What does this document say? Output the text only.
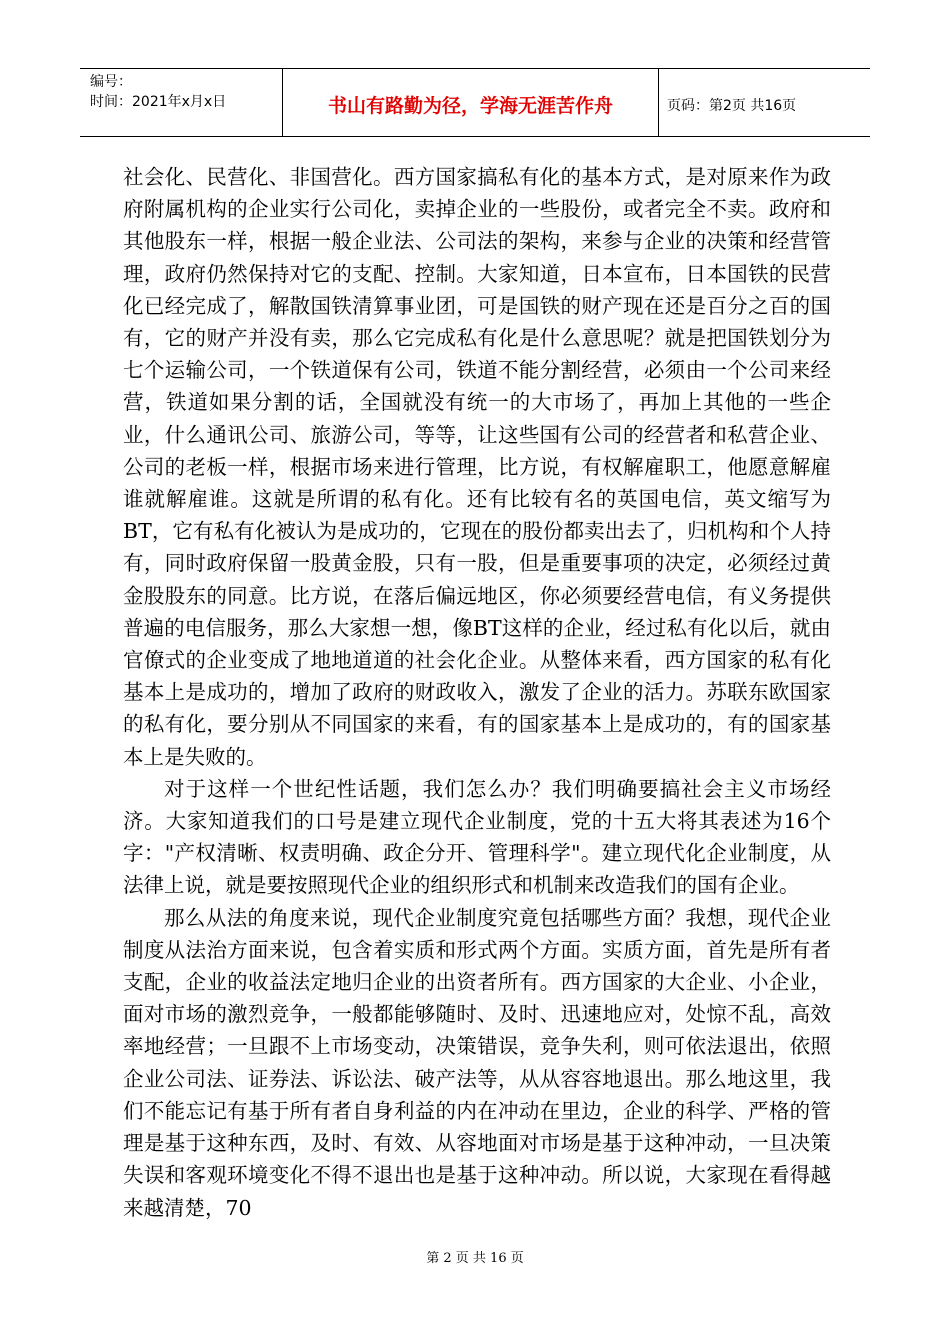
编号：
时间：2021年x月x日	书山有路勤为径，学海无涯苦作舟	页码：第2页 共16页

社会化、民营化、非国营化。西方国家搞私有化的基本方式，是对原来作为政府附属机构的企业实行公司化，卖掉企业的一些股份，或者完全不卖。政府和其他股东一样，根据一般企业法、公司法的架构，来参与企业的决策和经营管理，政府仍然保持对它的支配、控制。大家知道，日本宣布，日本国铁的民营化已经完成了，解散国铁清算事业团，可是国铁的财产现在还是百分之百的国有，它的财产并没有卖，那么它完成私有化是什么意思呢？就是把国铁划分为七个运输公司，一个铁道保有公司，铁道不能分割经营，必须由一个公司来经营，铁道如果分割的话，全国就没有统一的大市场了，再加上其他的一些企业，什么通讯公司、旅游公司，等等，让这些国有公司的经营者和私营企业、公司的老板一样，根据市场来进行管理，比方说，有权解雇职工，他愿意解雇谁就解雇谁。这就是所谓的私有化。还有比较有名的英国电信，英文缩写为BT，它有私有化被认为是成功的，它现在的股份都卖出去了，归机构和个人持有，同时政府保留一股黄金股，只有一股，但是重要事项的决定，必须经过黄金股股东的同意。比方说，在落后偏远地区，你必须要经营电信，有义务提供普遍的电信服务，那么大家想一想，像BT这样的企业，经过私有化以后，就由官僚式的企业变成了地地道道的社会化企业。从整体来看，西方国家的私有化基本上是成功的，增加了政府的财政收入，激发了企业的活力。苏联东欧国家的私有化，要分别从不同国家的来看，有的国家基本上是成功的，有的国家基本上是失败的。

对于这样一个世纪性话题，我们怎么办？我们明确要搞社会主义市场经济。大家知道我们的口号是建立现代企业制度，党的十五大将其表述为16个字："产权清晰、权责明确、政企分开、管理科学"。建立现代化企业制度，从法律上说，就是要按照现代企业的组织形式和机制来改造我们的国有企业。

那么从法的角度来说，现代企业制度究竟包括哪些方面？我想，现代企业制度从法治方面来说，包含着实质和形式两个方面。实质方面，首先是所有者支配，企业的收益法定地归企业的出资者所有。西方国家的大企业、小企业，面对市场的激烈竞争，一般都能够随时、及时、迅速地应对，处惊不乱，高效率地经营；一旦跟不上市场变动，决策错误，竞争失利，则可依法退出，依照企业公司法、证券法、诉讼法、破产法等，从从容容地退出。那么地这里，我们不能忘记有基于所有者自身利益的内在冲动在里边，企业的科学、严格的管理是基于这种东西，及时、有效、从容地面对市场是基于这种冲动，一旦决策失误和客观环境变化不得不退出也是基于这种冲动。所以说，大家现在看得越来越清楚，70

第 2 页 共 16 页
